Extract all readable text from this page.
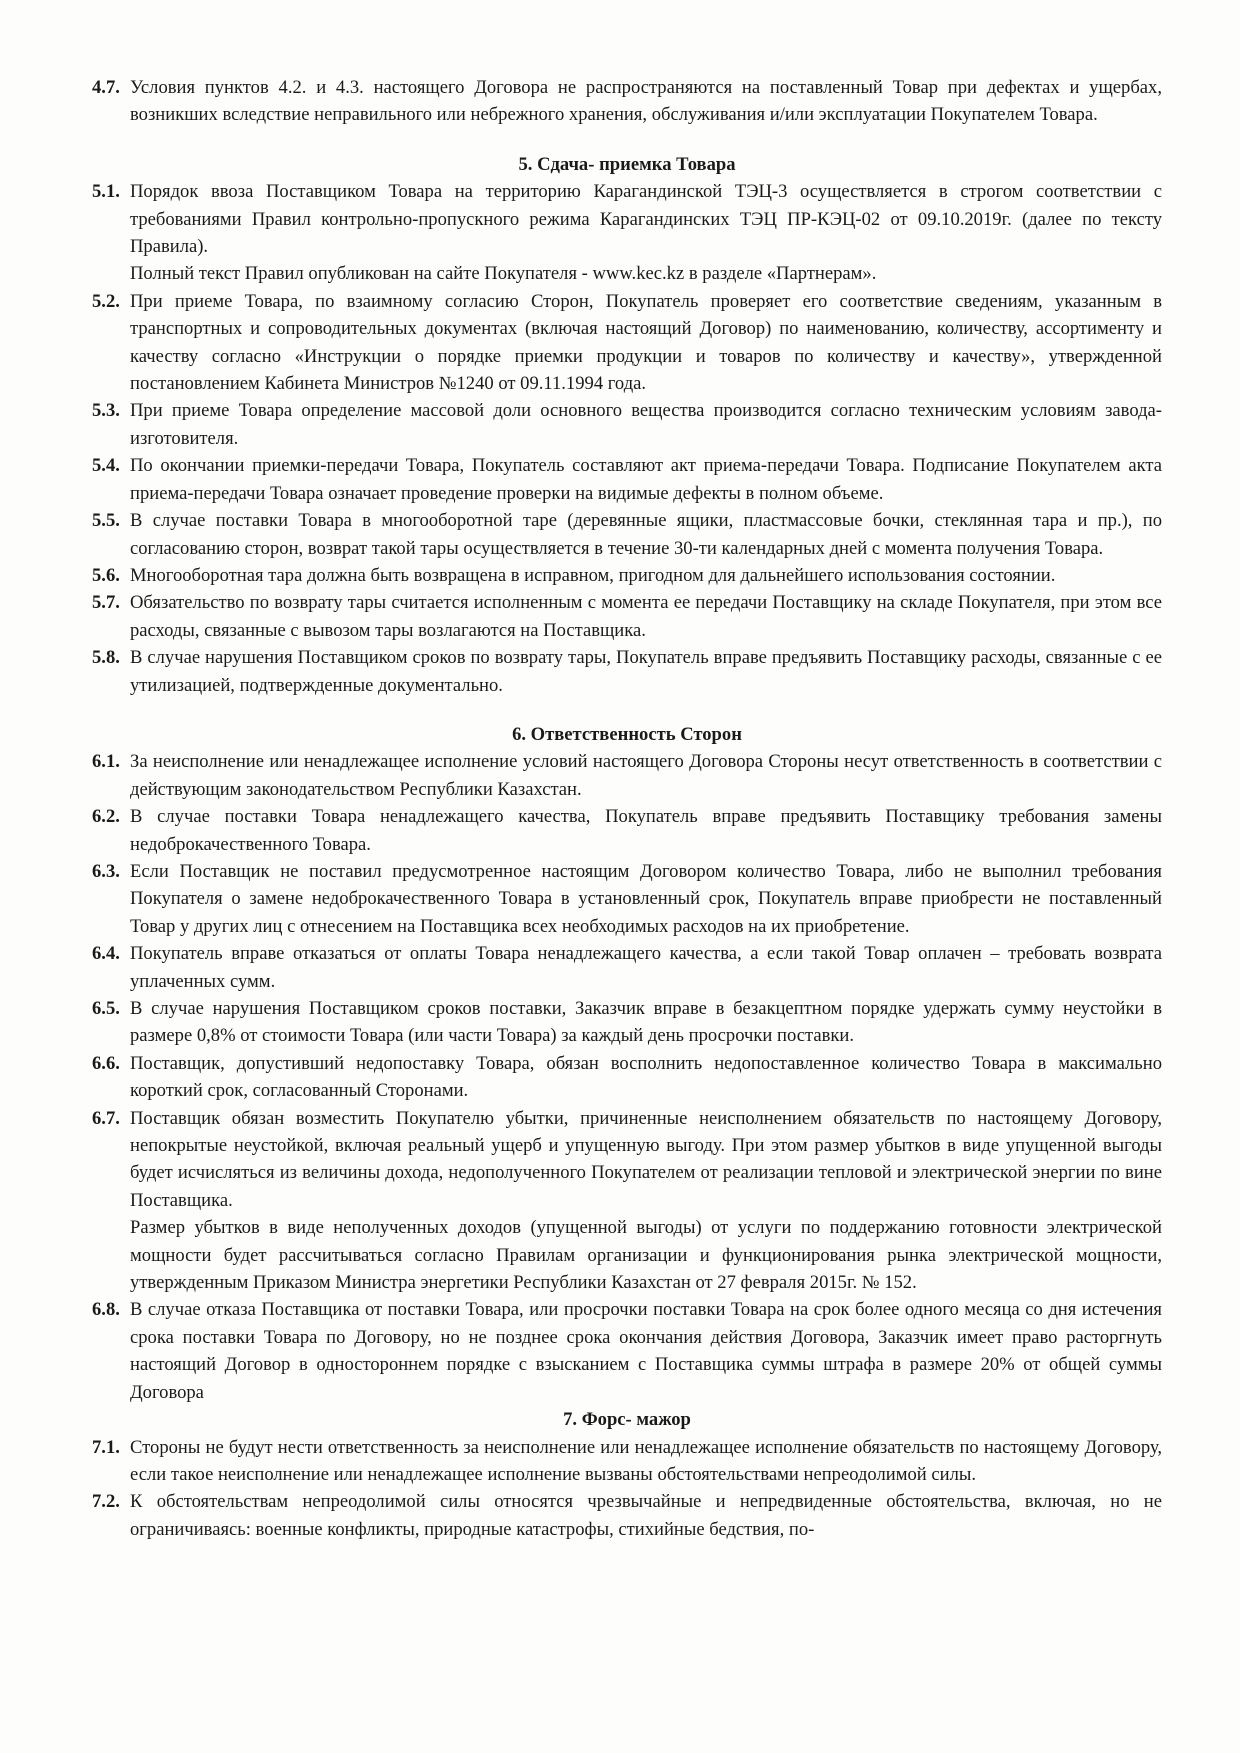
4.7. Условия пунктов 4.2. и 4.3. настоящего Договора не распространяются на поставленный Товар при дефектах и ущербах, возникших вследствие неправильного или небрежного хранения, обслуживания и/или эксплуатации Покупателем Товара.
5. Сдача- приемка Товара
5.1. Порядок ввоза Поставщиком Товара на территорию Карагандинской ТЭЦ-3 осуществляется в строгом соответствии с требованиями Правил контрольно-пропускного режима Карагандинских ТЭЦ ПР-КЭЦ-02 от 09.10.2019г. (далее по тексту Правила).

Полный текст Правил опубликован на сайте Покупателя - www.kec.kz в разделе «Партнерам».

5.2. При приеме Товара, по взаимному согласию Сторон, Покупатель проверяет его соответствие сведениям, указанным в транспортных и сопроводительных документах (включая настоящий Договор) по наименованию, количеству, ассортименту и качеству согласно «Инструкции о порядке приемки продукции и товаров по количеству и качеству», утвержденной постановлением Кабинета Министров №1240 от 09.11.1994 года.
5.3. При приеме Товара определение массовой доли основного вещества производится согласно техническим условиям завода-изготовителя.
5.4. По окончании приемки-передачи Товара, Покупатель составляют акт приема-передачи Товара. Подписание Покупателем акта приема-передачи Товара означает проведение проверки на видимые дефекты в полном объеме.
5.5. В случае поставки Товара в многооборотной таре (деревянные ящики, пластмассовые бочки, стеклянная тара и пр.), по согласованию сторон, возврат такой тары осуществляется в течение 30-ти календарных дней с момента получения Товара.
5.6. Многооборотная тара должна быть возвращена в исправном, пригодном для дальнейшего использования состоянии.
5.7. Обязательство по возврату тары считается исполненным с момента ее передачи Поставщику на складе Покупателя, при этом все расходы, связанные с вывозом тары возлагаются на Поставщика.
5.8. В случае нарушения Поставщиком сроков по возврату тары, Покупатель вправе предъявить Поставщику расходы, связанные с ее утилизацией, подтвержденные документально.
6. Ответственность Сторон
6.1. За неисполнение или ненадлежащее исполнение условий настоящего Договора Стороны несут ответственность в соответствии с действующим законодательством Республики Казахстан.
6.2. В случае поставки Товара ненадлежащего качества, Покупатель вправе предъявить Поставщику требования замены недоброкачественного Товара.
6.3. Если Поставщик не поставил предусмотренное настоящим Договором количество Товара, либо не выполнил требования Покупателя о замене недоброкачественного Товара в установленный срок, Покупатель вправе приобрести не поставленный Товар у других лиц с отнесением на Поставщика всех необходимых расходов на их приобретение.
6.4. Покупатель вправе отказаться от оплаты Товара ненадлежащего качества, а если такой Товар оплачен – требовать возврата уплаченных сумм.
6.5. В случае нарушения Поставщиком сроков поставки, Заказчик вправе в безакцептном порядке удержать сумму неустойки в размере 0,8% от стоимости Товара (или части Товара) за каждый день просрочки поставки.
6.6. Поставщик, допустивший недопоставку Товара, обязан восполнить недопоставленное количество Товара в максимально короткий срок, согласованный Сторонами.
6.7. Поставщик обязан возместить Покупателю убытки, причиненные неисполнением обязательств по настоящему Договору, непокрытые неустойкой, включая реальный ущерб и упущенную выгоду. При этом размер убытков в виде упущенной выгоды будет исчисляться из величины дохода, недополученного Покупателем от реализации тепловой и электрической энергии по вине Поставщика.

Размер убытков в виде неполученных доходов (упущенной выгоды) от услуги по поддержанию готовности электрической мощности будет рассчитываться согласно Правилам организации и функционирования рынка электрической мощности, утвержденным Приказом Министра энергетики Республики Казахстан от 27 февраля 2015г. № 152.

6.8. В случае отказа Поставщика от поставки Товара, или просрочки поставки Товара на срок более одного месяца со дня истечения срока поставки Товара по Договору, но не позднее срока окончания действия Договора, Заказчик имеет право расторгнуть настоящий Договор в одностороннем порядке с взысканием с Поставщика суммы штрафа в размере 20% от общей суммы Договора
7. Форс- мажор
7.1. Стороны не будут нести ответственность за неисполнение или ненадлежащее исполнение обязательств по настоящему Договору, если такое неисполнение или ненадлежащее исполнение вызваны обстоятельствами непреодолимой силы.
7.2. К обстоятельствам непреодолимой силы относятся чрезвычайные и непредвиденные обстоятельства, включая, но не ограничиваясь: военные конфликты, природные катастрофы, стихийные бедствия, по-
